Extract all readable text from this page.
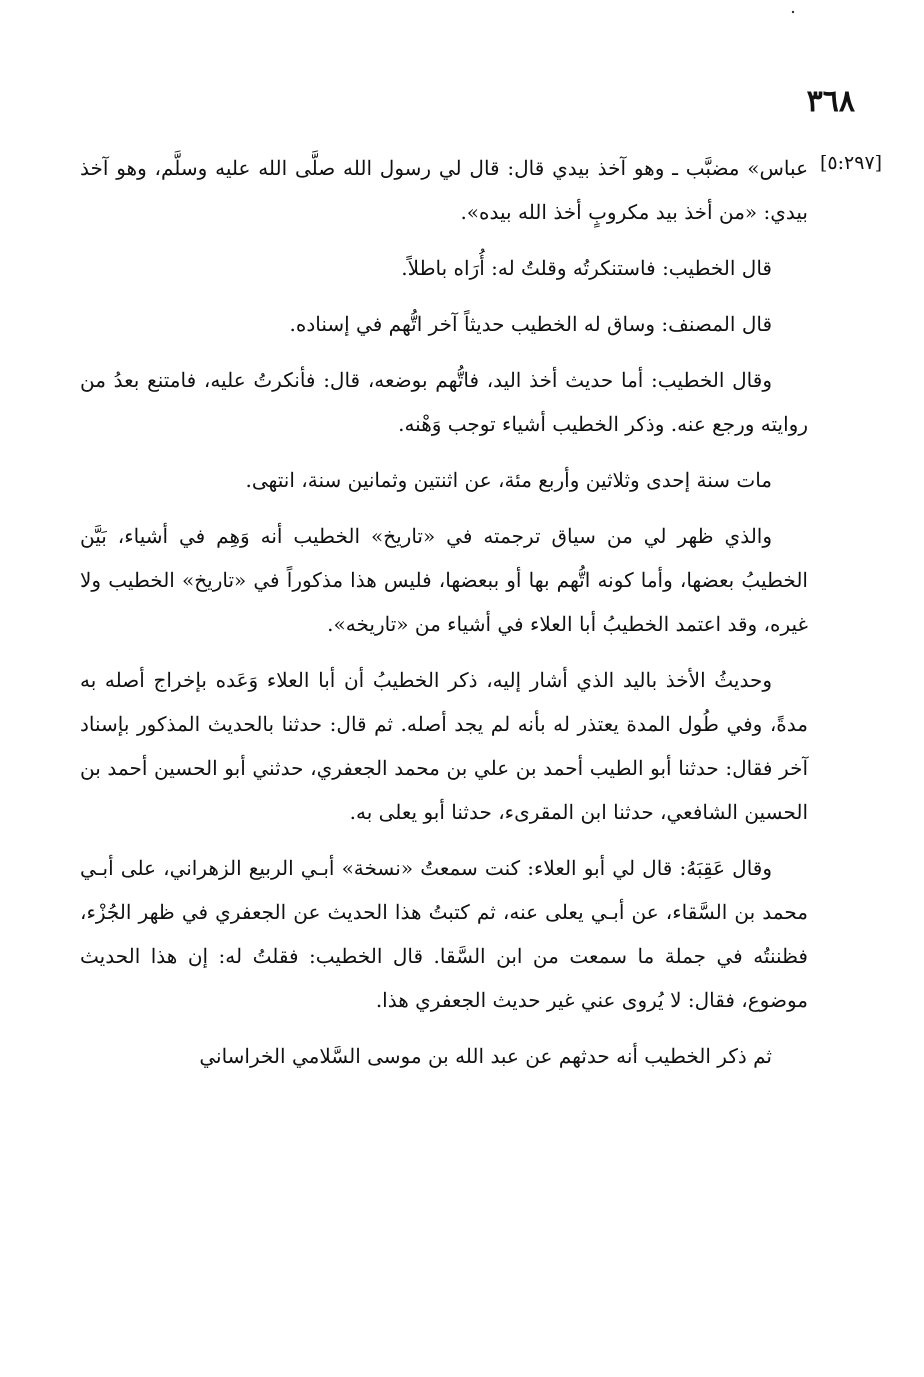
٣٦٨
[٥:٢٩٧]

عباس» مضبَّب ـ وهو آخذ بيدي قال: قال لي رسول الله صلَّى الله عليه وسلَّم، وهو آخذ بيدي: «من أخذ بيد مكروبٍ أخذ الله بيده».

قال الخطيب: فاستنكرتُه وقلتُ له: أُرَاه باطلاً.

قال المصنف: وساق له الخطيب حديثاً آخر اتُّهم في إسناده.

وقال الخطيب: أما حديث أخذ اليد، فاتُّهم بوضعه، قال: فأنكرتُ عليه، فامتنع بعدُ من روايته ورجع عنه. وذكر الخطيب أشياء توجب وَهْنه.

مات سنة إحدى وثلاثين وأربع مئة، عن اثنتين وثمانين سنة، انتهى.

والذي ظهر لي من سياق ترجمته في «تاريخ» الخطيب أنه وَهِم في أشياء، بَيَّن الخطيبُ بعضها، وأما كونه اتُّهم بها أو ببعضها، فليس هذا مذكوراً في «تاريخ» الخطيب ولا غيره، وقد اعتمد الخطيبُ أبا العلاء في أشياء من «تاريخه».

وحديثُ الأخذ باليد الذي أشار إليه، ذكر الخطيبُ أن أبا العلاء وَعَده بإخراج أصله به مدةً، وفي طُول المدة يعتذر له بأنه لم يجد أصله. ثم قال: حدثنا بالحديث المذكور بإسناد آخر فقال: حدثنا أبو الطيب أحمد بن علي بن محمد الجعفري، حدثني أبو الحسين أحمد بن الحسين الشافعي، حدثنا ابن المقرىء، حدثنا أبو يعلى به.

وقال عَقِبَهُ: قال لي أبو العلاء: كنت سمعتُ «نسخة» أبـي الربيع الزهراني، على أبـي محمد بن السَّقاء، عن أبـي يعلى عنه، ثم كتبتُ هذا الحديث عن الجعفري في ظهر الجُزْء، فظننتُه في جملة ما سمعت من ابن السَّقا. قال الخطيب: فقلتُ له: إن هذا الحديث موضوع، فقال: لا يُروى عني غير حديث الجعفري هذا.

ثم ذكر الخطيب أنه حدثهم عن عبد الله بن موسى السَّلامي الخراساني
